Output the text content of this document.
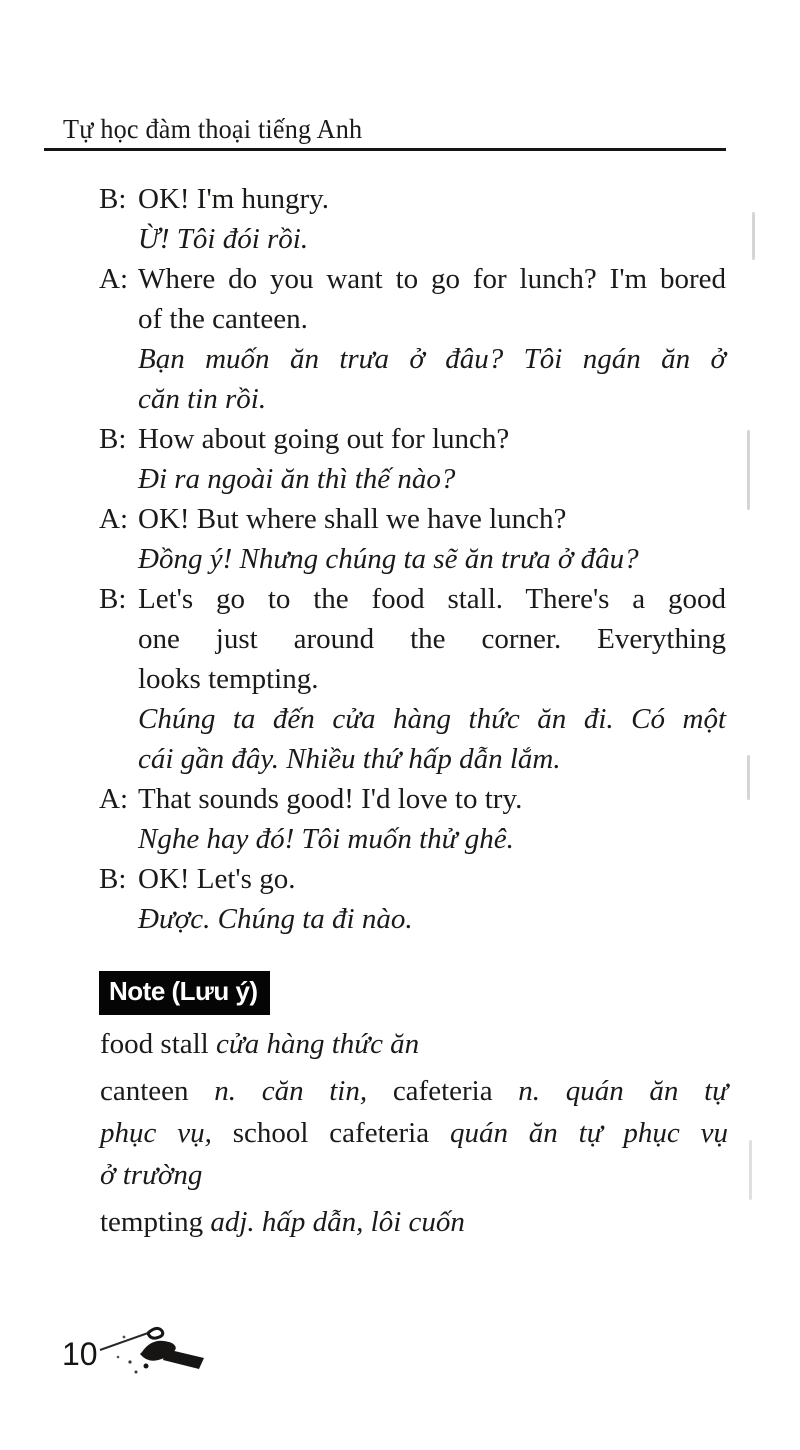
Tự học đàm thoại tiếng Anh
B: OK! I'm hungry.
Ừ! Tôi đói rồi.
A: Where do you want to go for lunch? I'm bored
of the canteen.
Bạn muốn ăn trưa ở đâu? Tôi ngán ăn ở
căn tin rồi.
B: How about going out for lunch?
Đi ra ngoài ăn thì thế nào?
A: OK! But where shall we have lunch?
Đồng ý! Nhưng chúng ta sẽ ăn trưa ở đâu?
B: Let's go to the food stall. There's a good
one just around the corner. Everything
looks tempting.
Chúng ta đến cửa hàng thức ăn đi. Có một
cái gần đây. Nhiều thứ hấp dẫn lắm.
A: That sounds good! I'd love to try.
Nghe hay đó! Tôi muốn thử ghê.
B: OK! Let's go.
Được. Chúng ta đi nào.
Note (Lưu ý)
food stall cửa hàng thức ăn
canteen n. căn tin, cafeteria n. quán ăn tự
phục vụ, school cafeteria quán ăn tự phục vụ
ở trường
tempting adj. hấp dẫn, lôi cuốn
10
